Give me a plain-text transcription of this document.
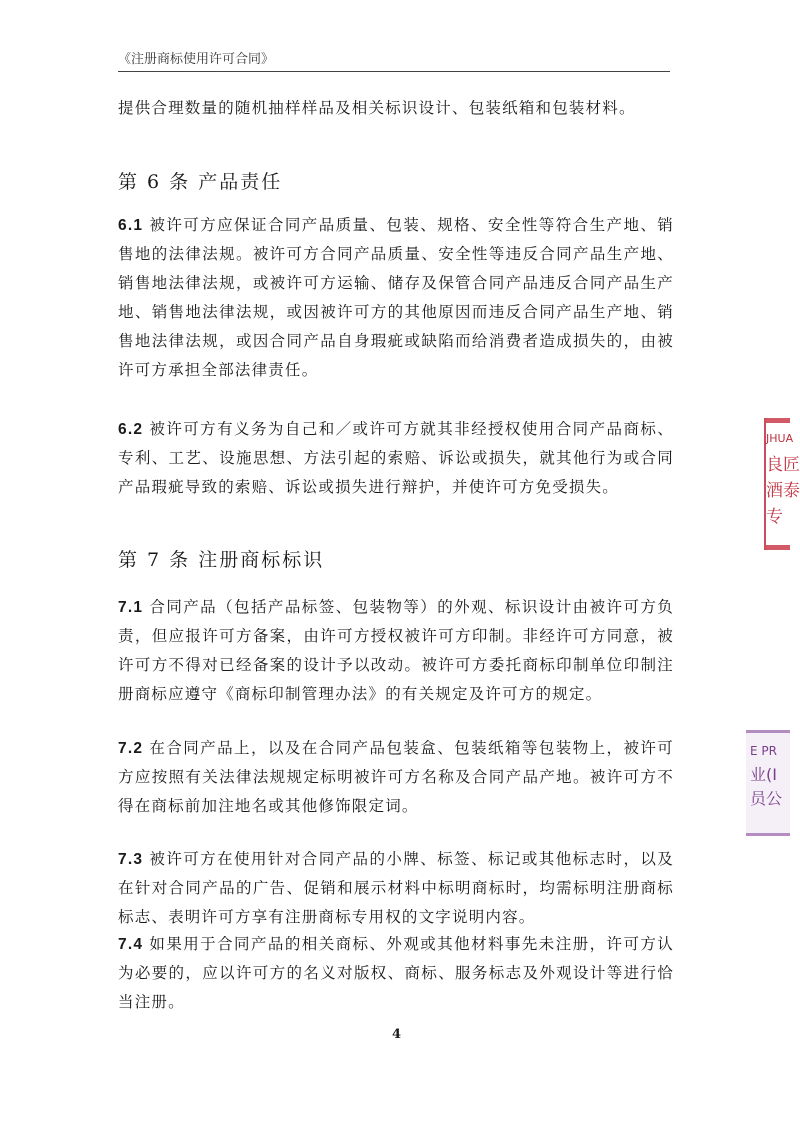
《注册商标使用许可合同》

提供合理数量的随机抽样样品及相关标识设计、包装纸箱和包装材料。

第 6 条 产品责任

6.1 被许可方应保证合同产品质量、包装、规格、安全性等符合生产地、销售地的法律法规。被许可方合同产品质量、安全性等违反合同产品生产地、销售地法律法规，或被许可方运输、储存及保管合同产品违反合同产品生产地、销售地法律法规，或因被许可方的其他原因而违反合同产品生产地、销售地法律法规，或因合同产品自身瑕疵或缺陷而给消费者造成损失的，由被许可方承担全部法律责任。

6.2 被许可方有义务为自己和／或许可方就其非经授权使用合同产品商标、专利、工艺、设施思想、方法引起的索赔、诉讼或损失，就其他行为或合同产品瑕疵导致的索赔、诉讼或损失进行辩护，并使许可方免受损失。

第 7 条 注册商标标识

7.1 合同产品（包括产品标签、包装物等）的外观、标识设计由被许可方负责，但应报许可方备案，由许可方授权被许可方印制。非经许可方同意，被许可方不得对已经备案的设计予以改动。被许可方委托商标印制单位印制注册商标应遵守《商标印制管理办法》的有关规定及许可方的规定。

7.2 在合同产品上，以及在合同产品包装盒、包装纸箱等包装物上，被许可方应按照有关法律法规规定标明被许可方名称及合同产品产地。被许可方不得在商标前加注地名或其他修饰限定词。

7.3 被许可方在使用针对合同产品的小牌、标签、标记或其他标志时，以及在针对合同产品的广告、促销和展示材料中标明商标时，均需标明注册商标标志、表明许可方享有注册商标专用权的文字说明内容。

7.4 如果用于合同产品的相关商标、外观或其他材料事先未注册，许可方认为必要的，应以许可方的名义对版权、商标、服务标志及外观设计等进行恰当注册。

4
JHUA
良匠
酒泰
专
E PR
业(I
员公
